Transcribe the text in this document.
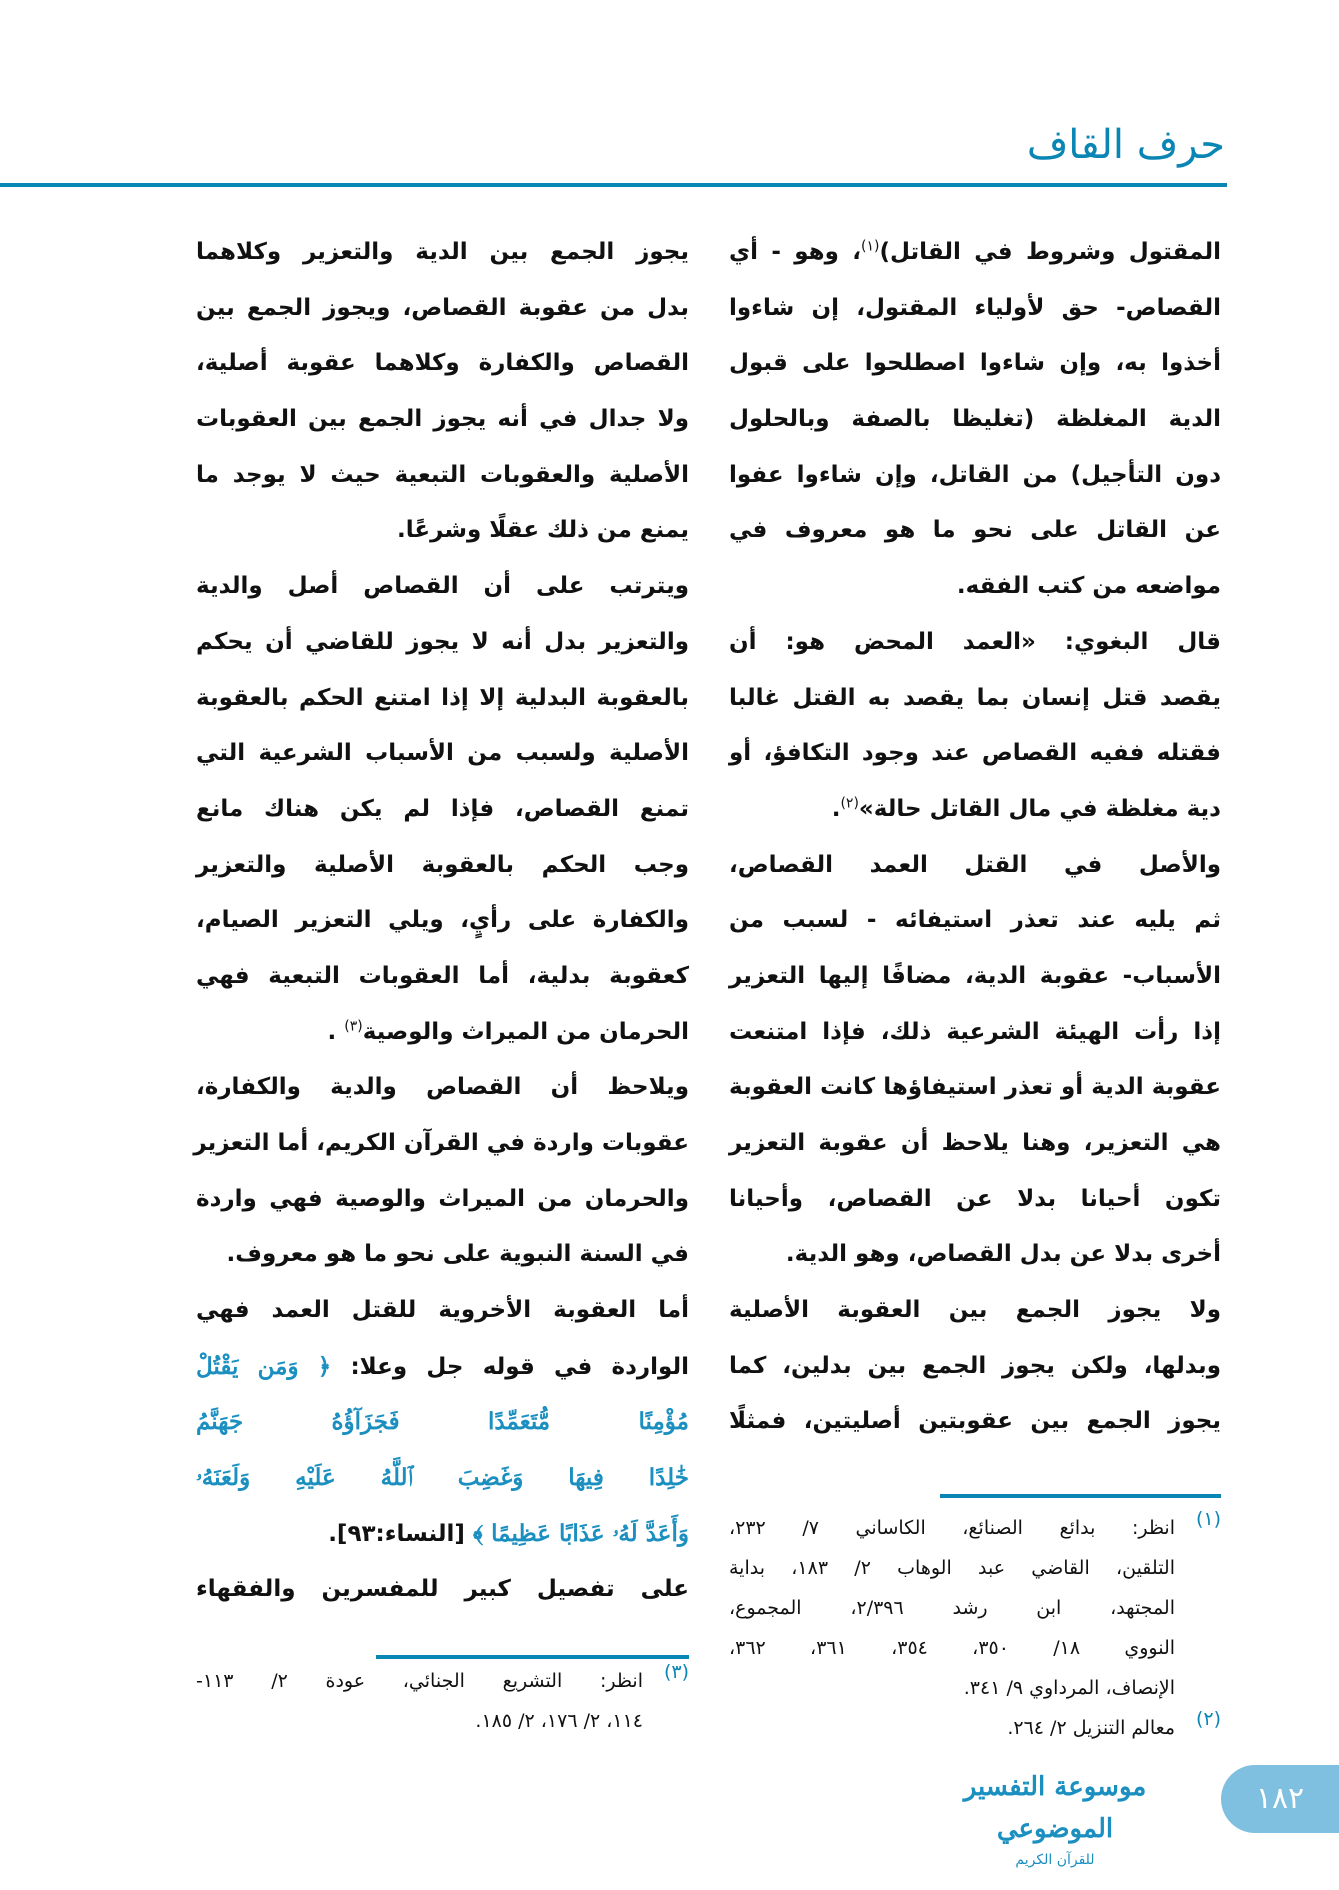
حرف القاف
المقتول وشروط في القاتل)$^{(١)}$، وهو - أي
القصاص- حق لأولياء المقتول، إن شاءوا
أخذوا به، وإن شاءوا اصطلحوا على قبول
الدية المغلظة (تغليظا بالصفة وبالحلول
دون التأجيل) من القاتل، وإن شاءوا عفوا
عن القاتل على نحو ما هو معروف في
مواضعه من كتب الفقه.
قال البغوي: «العمد المحض هو: أن
يقصد قتل إنسان بما يقصد به القتل غالبا
فقتله ففيه القصاص عند وجود التكافؤ، أو
دية مغلظة في مال القاتل حالة»$^{(٢)}$.
والأصل في القتل العمد القصاص،
ثم يليه عند تعذر استيفائه - لسبب من
الأسباب- عقوبة الدية، مضافًا إليها التعزير
إذا رأت الهيئة الشرعية ذلك، فإذا امتنعت
عقوبة الدية أو تعذر استيفاؤها كانت العقوبة
هي التعزير، وهنا يلاحظ أن عقوبة التعزير
تكون أحيانا بدلا عن القصاص، وأحيانا
أخرى بدلا عن بدل القصاص، وهو الدية.
ولا يجوز الجمع بين العقوبة الأصلية
وبدلها، ولكن يجوز الجمع بين بدلين، كما
يجوز الجمع بين عقوبتين أصليتين، فمثلًا
يجوز الجمع بين الدية والتعزير وكلاهما
بدل من عقوبة القصاص، ويجوز الجمع بين
القصاص والكفارة وكلاهما عقوبة أصلية،
ولا جدال في أنه يجوز الجمع بين العقوبات
الأصلية والعقوبات التبعية حيث لا يوجد ما
يمنع من ذلك عقلًا وشرعًا.
ويترتب على أن القصاص أصل والدية
والتعزير بدل أنه لا يجوز للقاضي أن يحكم
بالعقوبة البدلية إلا إذا امتنع الحكم بالعقوبة
الأصلية ولسبب من الأسباب الشرعية التي
تمنع القصاص، فإذا لم يكن هناك مانع
وجب الحكم بالعقوبة الأصلية والتعزير
والكفارة على رأيٍ، ويلي التعزير الصيام،
كعقوبة بدلية، أما العقوبات التبعية فهي
الحرمان من الميراث والوصية$^{(٣)}$ .
ويلاحظ أن القصاص والدية والكفارة،
عقوبات واردة في القرآن الكريم، أما التعزير
والحرمان من الميراث والوصية فهي واردة
في السنة النبوية على نحو ما هو معروف.
أما العقوبة الأخروية للقتل العمد فهي
الواردة في قوله جل وعلا: ﴿ وَمَن يَقْتُلْ
مُؤْمِنًا مُّتَعَمِّدًا فَجَزَآؤُهُ جَهَنَّمُ
خَٰلِدًا فِيهَا وَغَضِبَ ٱللَّهُ عَلَيْهِ وَلَعَنَهُۥ
وَأَعَدَّ لَهُۥ عَذَابًا عَظِيمًا ﴾ [النساء:٩٣].
على تفصيل كبير للمفسرين والفقهاء
(١)
انظر: بدائع الصنائع، الكاساني ٧/ ٢٣٢،
التلقين، القاضي عبد الوهاب ٢/ ١٨٣، بداية
المجتهد، ابن رشد ٢/٣٩٦، المجموع،
النووي ١٨/ ٣٥٠، ٣٥٤، ٣٦١، ٣٦٢،
الإنصاف، المرداوي ٩/ ٣٤١.
(٢)
معالم التنزيل ٢/ ٢٦٤.
(٣)
انظر: التشريع الجنائي، عودة ٢/ ١١٣-
١١٤، ٢/ ١٧٦، ٢/ ١٨٥.
موسوعة التفسير الموضوعي
للقرآن الكريم
١٨٢
